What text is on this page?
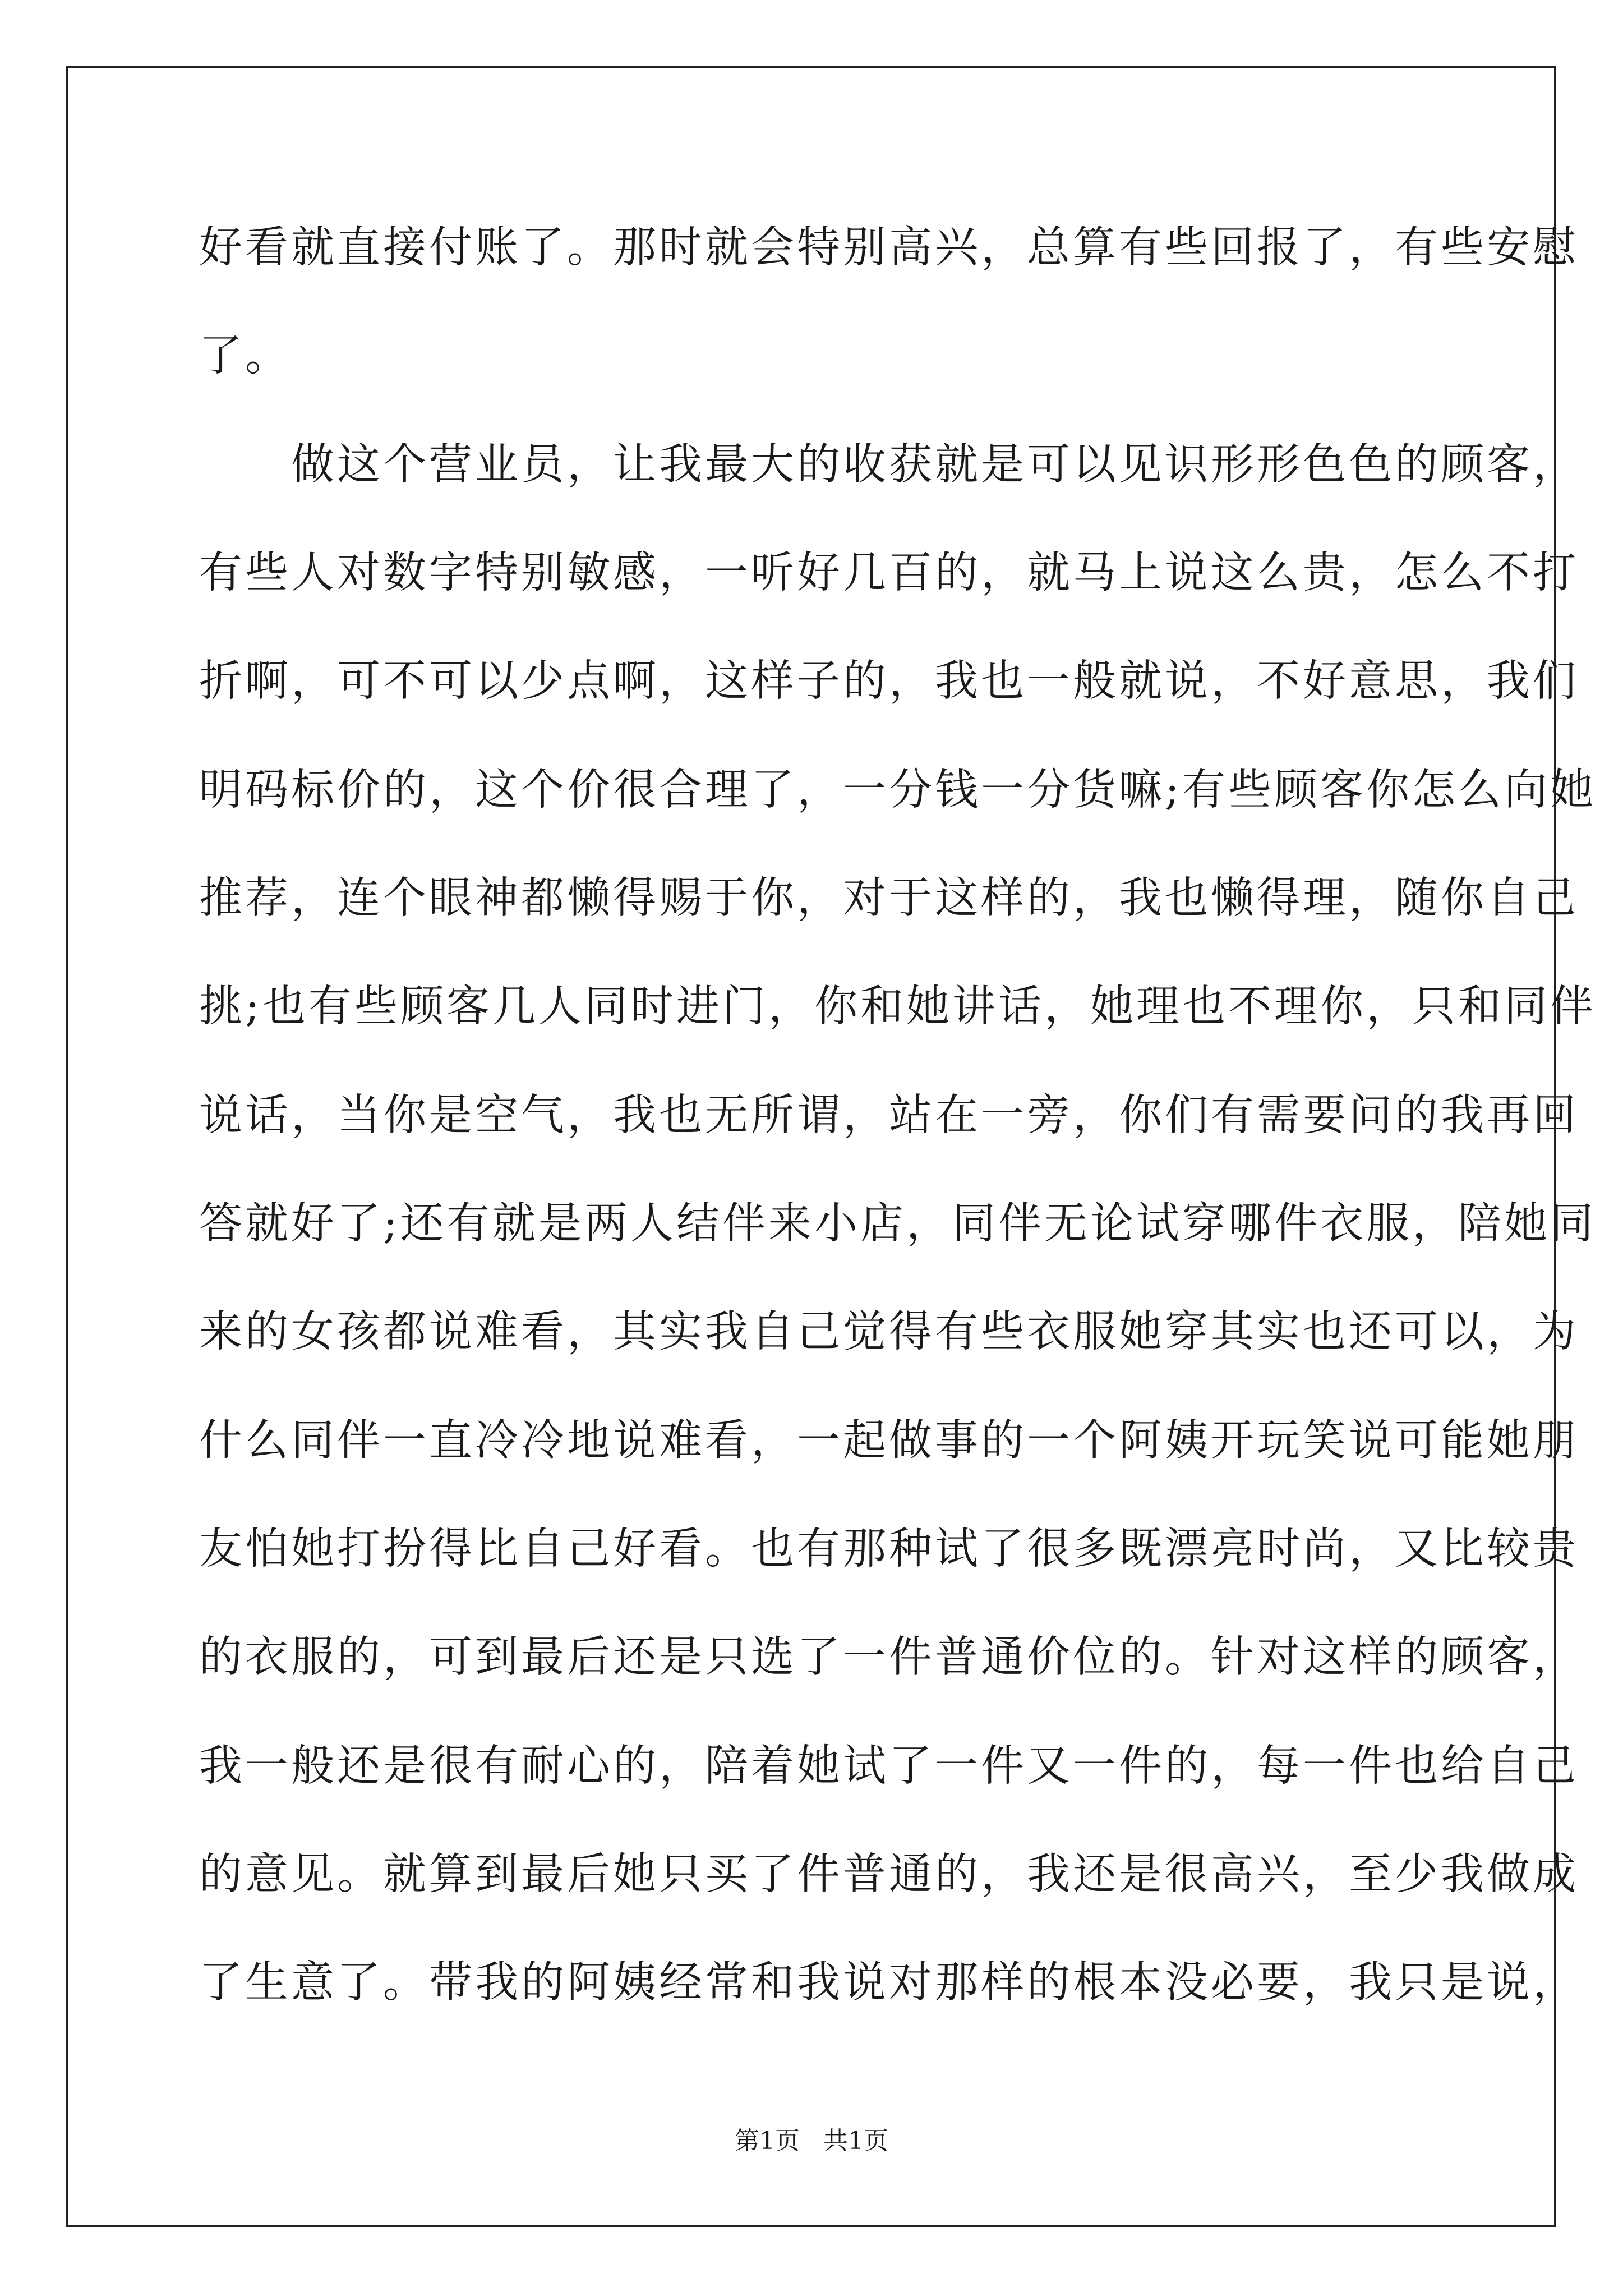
好看就直接付账了。那时就会特别高兴，总算有些回报了，有些安慰
了。
　　做这个营业员，让我最大的收获就是可以见识形形色色的顾客，
有些人对数字特别敏感，一听好几百的，就马上说这么贵，怎么不打
折啊，可不可以少点啊，这样子的，我也一般就说，不好意思，我们
明码标价的，这个价很合理了，一分钱一分货嘛;有些顾客你怎么向她
推荐，连个眼神都懒得赐于你，对于这样的，我也懒得理，随你自己
挑;也有些顾客几人同时进门，你和她讲话，她理也不理你，只和同伴
说话，当你是空气，我也无所谓，站在一旁，你们有需要问的我再回
答就好了;还有就是两人结伴来小店，同伴无论试穿哪件衣服，陪她同
来的女孩都说难看，其实我自己觉得有些衣服她穿其实也还可以，为
什么同伴一直冷冷地说难看，一起做事的一个阿姨开玩笑说可能她朋
友怕她打扮得比自己好看。也有那种试了很多既漂亮时尚，又比较贵
的衣服的，可到最后还是只选了一件普通价位的。针对这样的顾客，
我一般还是很有耐心的，陪着她试了一件又一件的，每一件也给自己
的意见。就算到最后她只买了件普通的，我还是很高兴，至少我做成
了生意了。带我的阿姨经常和我说对那样的根本没必要，我只是说，
第1页   共1页
